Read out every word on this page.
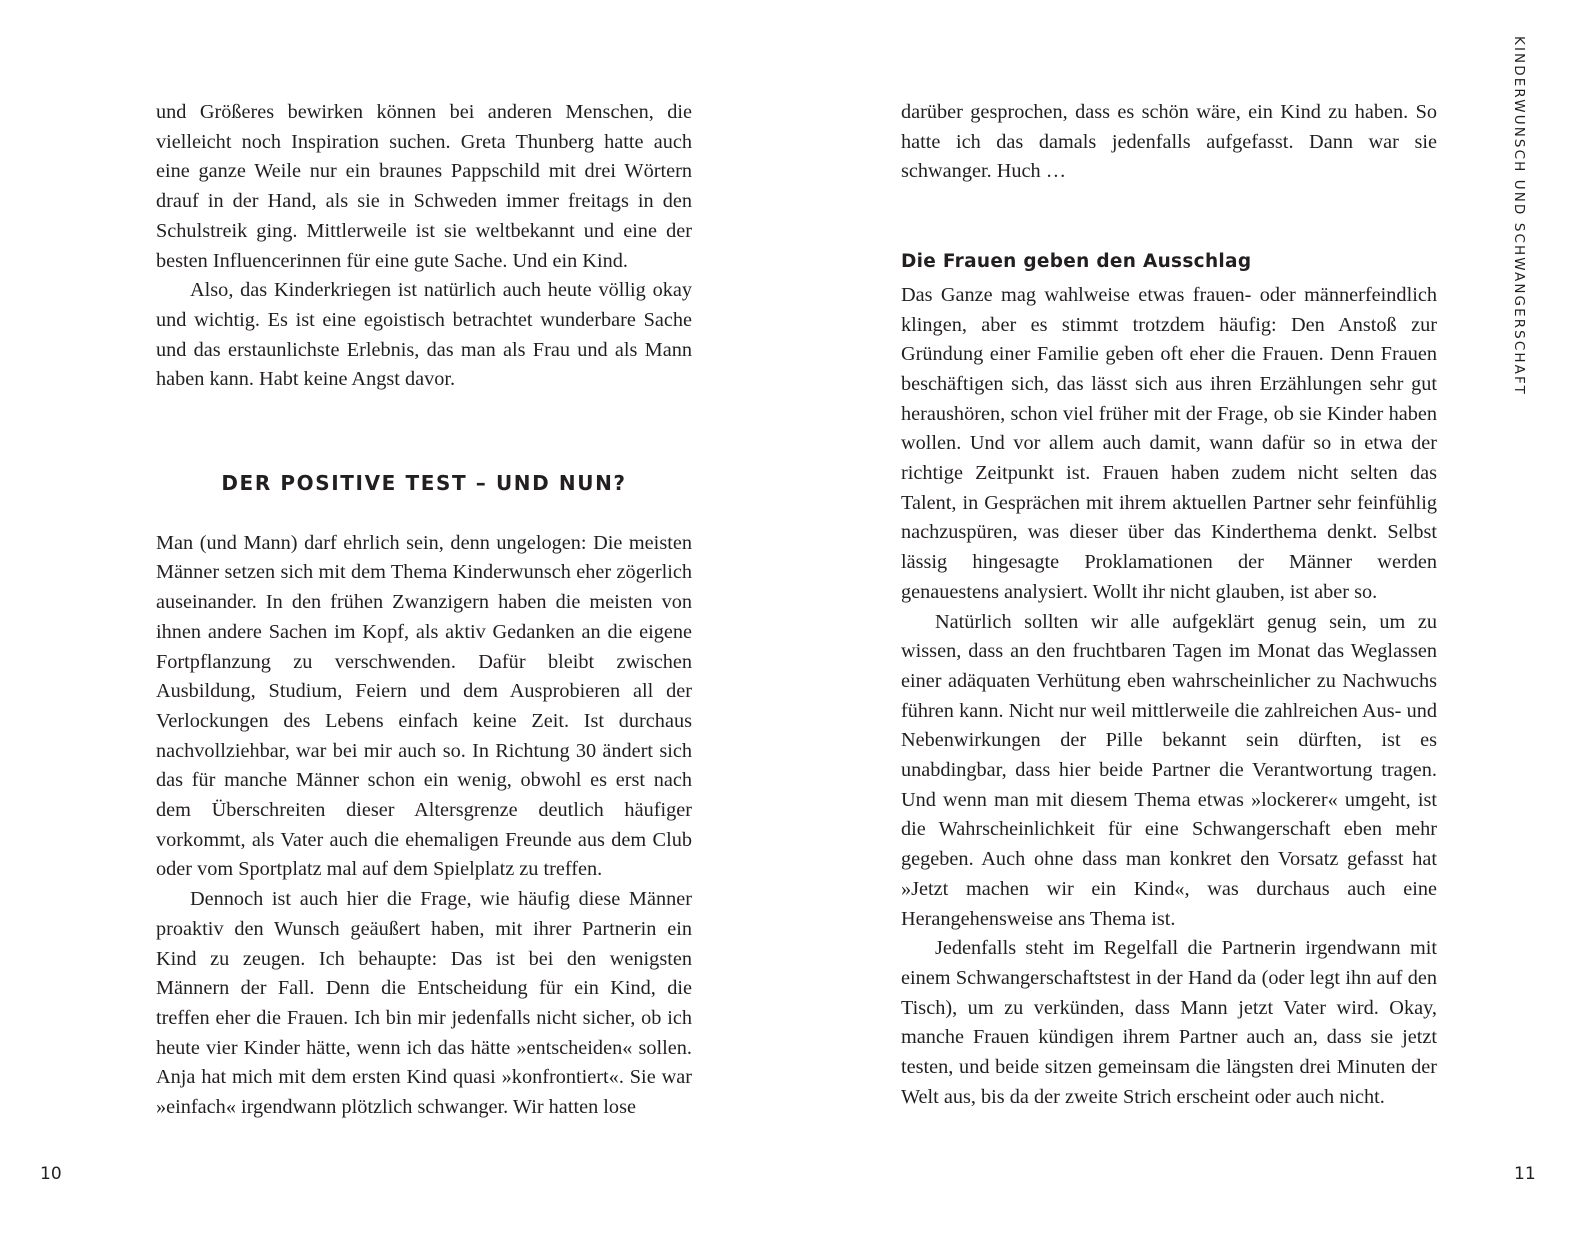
und Größeres bewirken können bei anderen Menschen, die vielleicht noch Inspiration suchen. Greta Thunberg hatte auch eine ganze Weile nur ein braunes Pappschild mit drei Wörtern drauf in der Hand, als sie in Schweden immer freitags in den Schulstreik ging. Mittlerweile ist sie weltbekannt und eine der besten Influencerinnen für eine gute Sache. Und ein Kind.

Also, das Kinderkriegen ist natürlich auch heute völlig okay und wichtig. Es ist eine egoistisch betrachtet wunderbare Sache und das erstaunlichste Erlebnis, das man als Frau und als Mann haben kann. Habt keine Angst davor.

DER POSITIVE TEST – UND NUN?

Man (und Mann) darf ehrlich sein, denn ungelogen: Die meisten Männer setzen sich mit dem Thema Kinderwunsch eher zögerlich auseinander. In den frühen Zwanzigern haben die meisten von ihnen andere Sachen im Kopf, als aktiv Gedanken an die eigene Fortpflanzung zu verschwenden. Dafür bleibt zwischen Ausbildung, Studium, Feiern und dem Ausprobieren all der Verlockungen des Lebens einfach keine Zeit. Ist durchaus nachvollziehbar, war bei mir auch so. In Richtung 30 ändert sich das für manche Männer schon ein wenig, obwohl es erst nach dem Überschreiten dieser Altersgrenze deutlich häufiger vorkommt, als Vater auch die ehemaligen Freunde aus dem Club oder vom Sportplatz mal auf dem Spielplatz zu treffen.

Dennoch ist auch hier die Frage, wie häufig diese Männer proaktiv den Wunsch geäußert haben, mit ihrer Partnerin ein Kind zu zeugen. Ich behaupte: Das ist bei den wenigsten Männern der Fall. Denn die Entscheidung für ein Kind, die treffen eher die Frauen. Ich bin mir jedenfalls nicht sicher, ob ich heute vier Kinder hätte, wenn ich das hätte »entscheiden« sollen. Anja hat mich mit dem ersten Kind quasi »konfrontiert«. Sie war »einfach« irgendwann plötzlich schwanger. Wir hatten lose

10

darüber gesprochen, dass es schön wäre, ein Kind zu haben. So hatte ich das damals jedenfalls aufgefasst. Dann war sie schwanger. Huch …

Die Frauen geben den Ausschlag

Das Ganze mag wahlweise etwas frauen- oder männerfeindlich klingen, aber es stimmt trotzdem häufig: Den Anstoß zur Gründung einer Familie geben oft eher die Frauen. Denn Frauen beschäftigen sich, das lässt sich aus ihren Erzählungen sehr gut heraushören, schon viel früher mit der Frage, ob sie Kinder haben wollen. Und vor allem auch damit, wann dafür so in etwa der richtige Zeitpunkt ist. Frauen haben zudem nicht selten das Talent, in Gesprächen mit ihrem aktuellen Partner sehr feinfühlig nachzuspüren, was dieser über das Kinderthema denkt. Selbst lässig hingesagte Proklamationen der Männer werden genauestens analysiert. Wollt ihr nicht glauben, ist aber so.

Natürlich sollten wir alle aufgeklärt genug sein, um zu wissen, dass an den fruchtbaren Tagen im Monat das Weglassen einer adäquaten Verhütung eben wahrscheinlicher zu Nachwuchs führen kann. Nicht nur weil mittlerweile die zahlreichen Aus- und Nebenwirkungen der Pille bekannt sein dürften, ist es unabdingbar, dass hier beide Partner die Verantwortung tragen. Und wenn man mit diesem Thema etwas »lockerer« umgeht, ist die Wahrscheinlichkeit für eine Schwangerschaft eben mehr gegeben. Auch ohne dass man konkret den Vorsatz gefasst hat »Jetzt machen wir ein Kind«, was durchaus auch eine Herangehensweise ans Thema ist.

Jedenfalls steht im Regelfall die Partnerin irgendwann mit einem Schwangerschaftstest in der Hand da (oder legt ihn auf den Tisch), um zu verkünden, dass Mann jetzt Vater wird. Okay, manche Frauen kündigen ihrem Partner auch an, dass sie jetzt testen, und beide sitzen gemeinsam die längsten drei Minuten der Welt aus, bis da der zweite Strich erscheint oder auch nicht.

KINDERWUNSCH UND SCHWANGERSCHAFT
11
